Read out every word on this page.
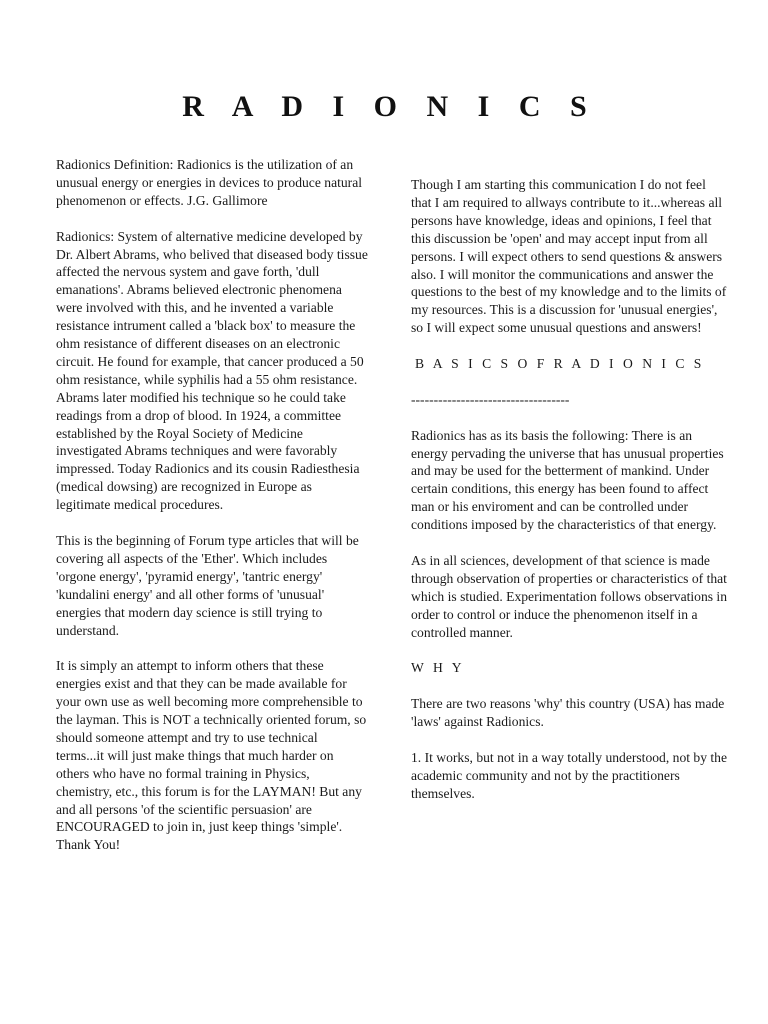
R A D I O N I C S

Radionics Definition: Radionics is the utilization of an unusual energy or energies in devices to produce natural phenomenon or effects. J.G. Gallimore

Radionics: System of alternative medicine developed by Dr. Albert Abrams, who belived that diseased body tissue affected the nervous system and gave forth, 'dull emanations'. Abrams believed electronic phenomena were involved with this, and he invented a variable resistance intrument called a 'black box' to measure the ohm resistance of different diseases on an electronic circuit. He found for example, that cancer produced a 50 ohm resistance, while syphilis had a 55 ohm resistance. Abrams later modified his technique so he could take readings from a drop of blood. In 1924, a committee established by the Royal Society of Medicine investigated Abrams techniques and were favorably impressed. Today Radionics and its cousin Radiesthesia (medical dowsing) are recognized in Europe as legitimate medical procedures.

This is the beginning of Forum type articles that will be covering all aspects of the 'Ether'. Which includes 'orgone energy', 'pyramid energy', 'tantric energy' 'kundalini energy' and all other forms of 'unusual' energies that modern day science is still trying to understand.

It is simply an attempt to inform others that these energies exist and that they can be made available for your own use as well becoming more comprehensible to the layman. This is NOT a technically oriented forum, so should someone attempt and try to use technical terms...it will just make things that much harder on others who have no formal training in Physics, chemistry, etc., this forum is for the LAYMAN! But any and all persons 'of the scientific persuasion' are ENCOURAGED to join in, just keep things 'simple'. Thank You!

Though I am starting this communication I do not feel that I am required to allways contribute to it...whereas all persons have knowledge, ideas and opinions, I feel that this discussion be 'open' and may accept input from all persons. I will expect others to send questions & answers also. I will monitor the communications and answer the questions to the best of my knowledge and to the limits of my resources. This is a discussion for 'unusual energies', so I will expect some unusual questions and answers!

B A S I C S O F R A D I O N I C S

-----------------------------------

Radionics has as its basis the following: There is an energy pervading the universe that has unusual properties and may be used for the betterment of mankind. Under certain conditions, this energy has been found to affect man or his enviroment and can be controlled under conditions imposed by the characteristics of that energy.

As in all sciences, development of that science is made through observation of properties or characteristics of that which is studied. Experimentation follows observations in order to control or induce the phenomenon itself in a controlled manner.

W H Y

There are two reasons 'why' this country (USA) has made 'laws' against Radionics.

1. It works, but not in a way totally understood, not by the academic community and not by the practitioners themselves.
